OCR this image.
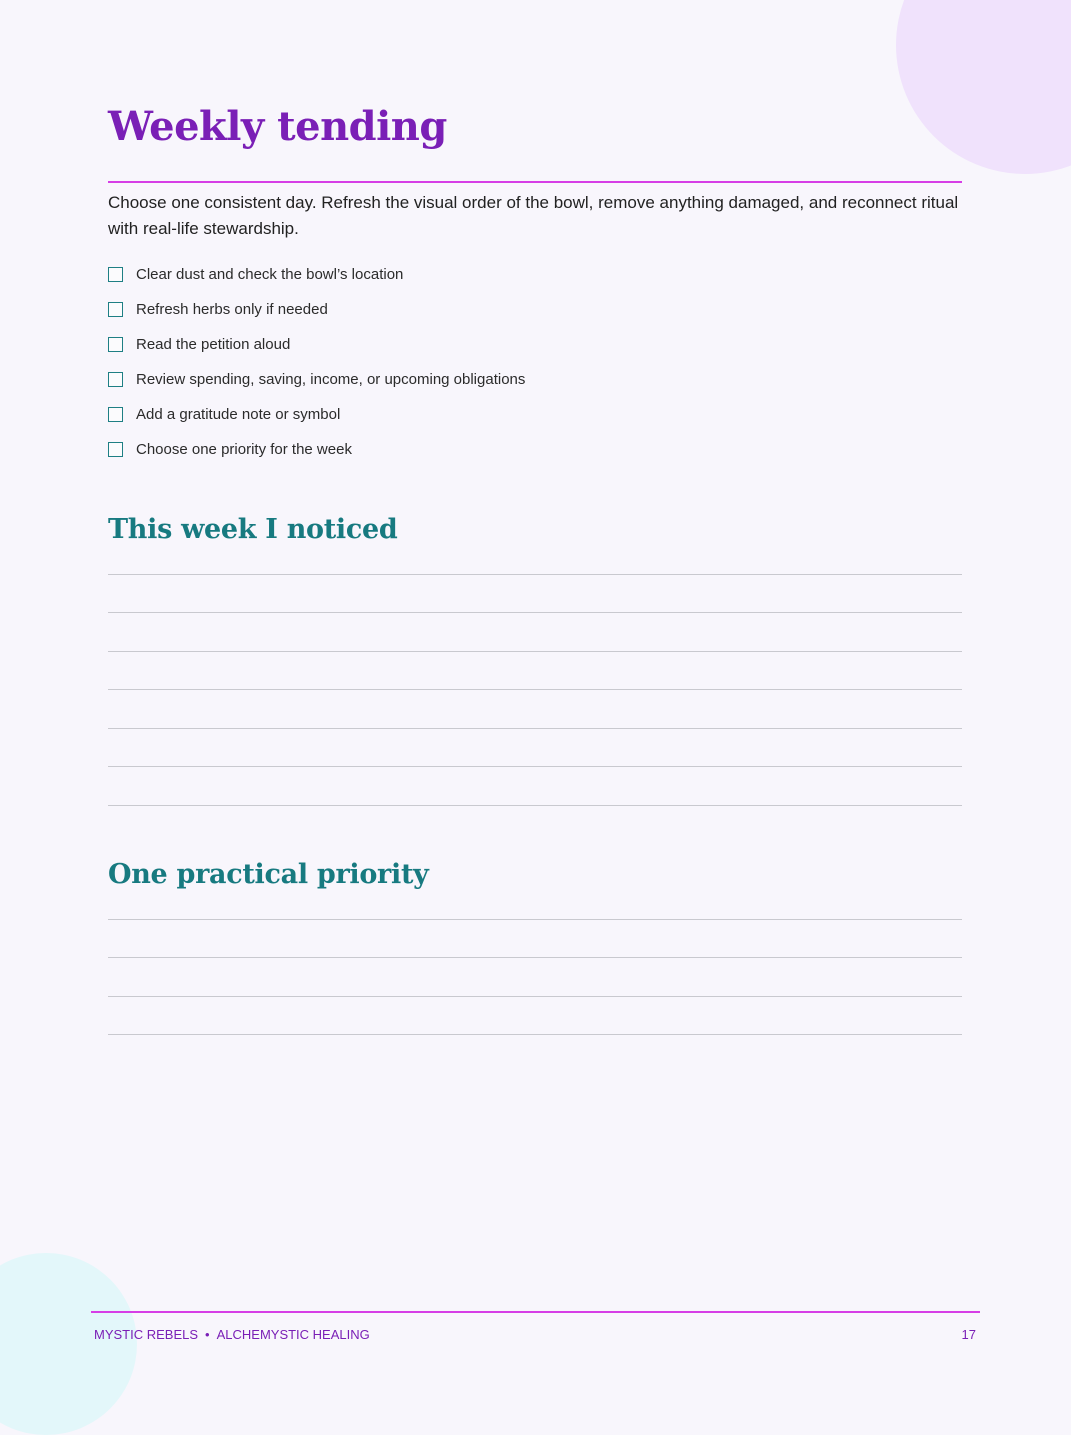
Weekly tending

Choose one consistent day. Refresh the visual order of the bowl, remove anything damaged, and reconnect ritual with real-life stewardship.

Clear dust and check the bowl’s location
Refresh herbs only if needed
Read the petition aloud
Review spending, saving, income, or upcoming obligations
Add a gratitude note or symbol
Choose one priority for the week
This week I noticed
One practical priority
MYSTIC REBELS • ALCHEMYSTIC HEALING	17
